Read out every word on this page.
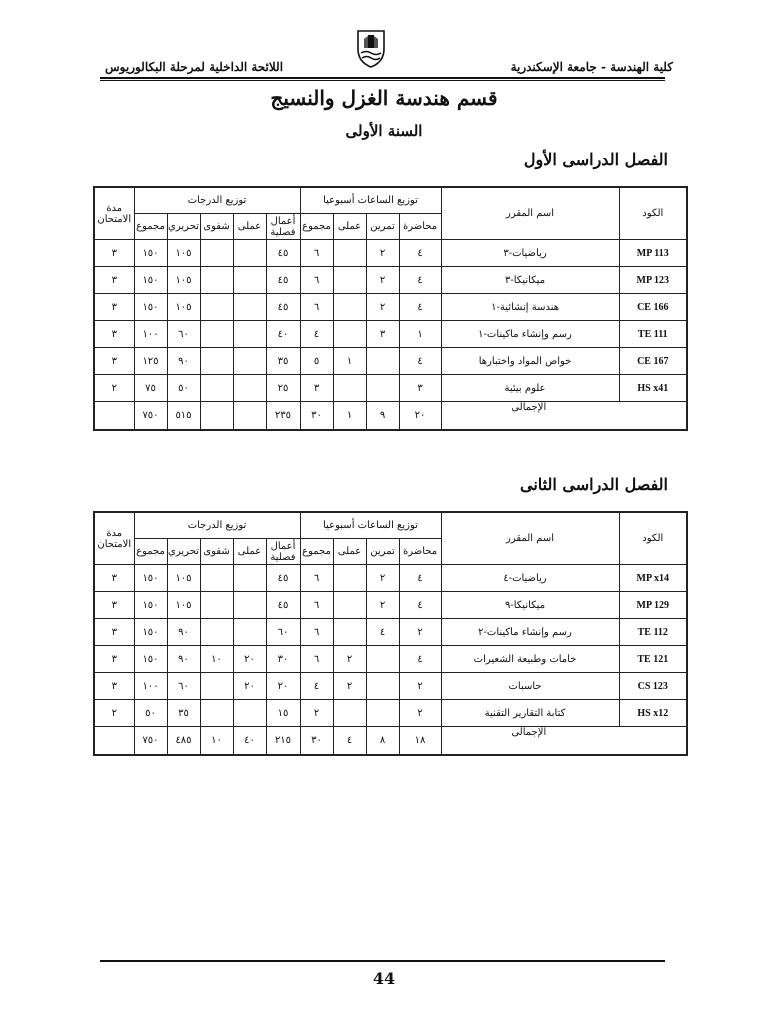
كلية الهندسة - جامعة الإسكندرية
اللائحة الداخلية لمرحلة البكالوريوس
قسم هندسة الغزل والنسيج
السنة الأولى
الفصل الدراسى الأول
الكود	اسم المقرر	توزيع الساعات أسبوعيا				توزيع الدرجات					مدة
الامتحان
		محاضرة	تمرين	عملى	مجموع	أعمال
فصلية	عملى	شفوى	تحريري	مجموع	
MP 113	رياضيات-٣	٤	٢		٦	٤٥			١٠٥	١٥٠	٣
MP 123	ميكانيكا-٣	٤	٢		٦	٤٥			١٠٥	١٥٠	٣
CE 166	هندسة إنشائية-١	٤	٢		٦	٤٥			١٠٥	١٥٠	٣
TE 111	رسم وإنشاء ماكينات-١	١	٣		٤	٤٠			٦٠	١٠٠	٣
CE 167	خواص المواد واختبارها	٤		١	٥	٣٥			٩٠	١٢٥	٣
HS x41	علوم بيئية	٣			٣	٢٥			٥٠	٧٥	٢
الإجمالى		٢٠	٩	١	٣٠	٢٣٥			٥١٥	٧٥٠	
الفصل الدراسى الثانى
الكود	اسم المقرر	توزيع الساعات أسبوعيا				توزيع الدرجات					مدة
الامتحان
		محاضرة	تمرين	عملى	مجموع	أعمال
فصلية	عملى	شفوى	تحريري	مجموع	
MP x14	رياضيات-٤	٤	٢		٦	٤٥			١٠٥	١٥٠	٣
MP 129	ميكانيكا-٩	٤	٢		٦	٤٥			١٠٥	١٥٠	٣
TE 112	رسم وإنشاء ماكينات-٢	٢	٤		٦	٦٠			٩٠	١٥٠	٣
TE 121	خامات وطبيعة الشعيرات	٤		٢	٦	٣٠	٢٠	١٠	٩٠	١٥٠	٣
CS 123	حاسبات	٢		٢	٤	٢٠	٢٠		٦٠	١٠٠	٣
HS x12	كتابة التقارير التقنية	٢			٢	١٥			٣٥	٥٠	٢
الإجمالى		١٨	٨	٤	٣٠	٢١٥	٤٠	١٠	٤٨٥	٧٥٠	
44
